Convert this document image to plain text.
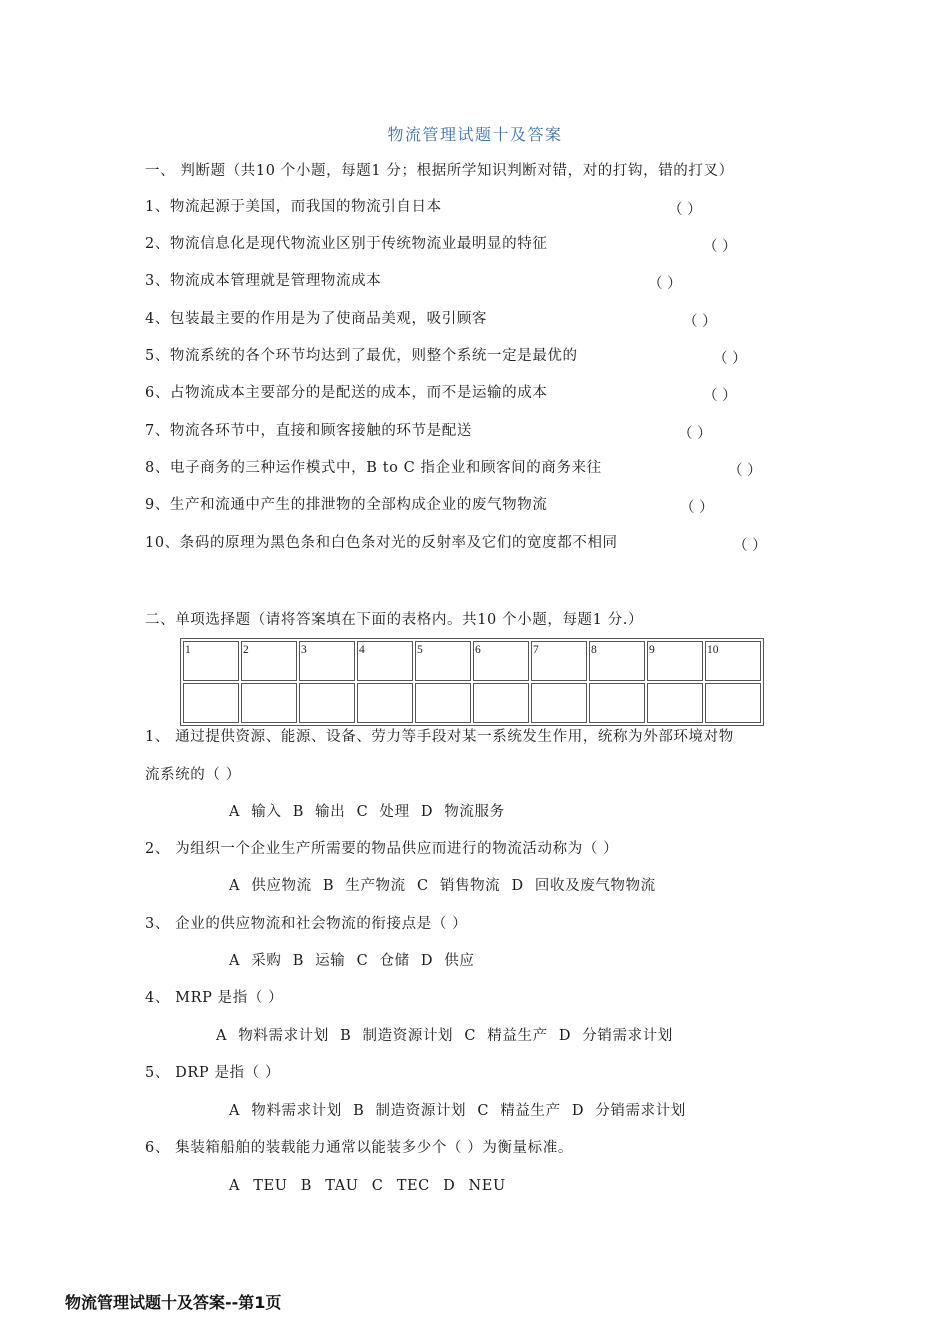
物流管理试题十及答案
一、 判断题（共10 个小题，每题1 分；根据所学知识判断对错，对的打钩，错的打叉）
1、物流起源于美国，而我国的物流引自日本	（ ）
2、物流信息化是现代物流业区别于传统物流业最明显的特征	（ ）
3、物流成本管理就是管理物流成本	（ ）
4、包装最主要的作用是为了使商品美观，吸引顾客	（ ）
5、物流系统的各个环节均达到了最优，则整个系统一定是最优的	（ ）
6、占物流成本主要部分的是配送的成本，而不是运输的成本	（ ）
7、物流各环节中，直接和顾客接触的环节是配送	（ ）
8、电子商务的三种运作模式中，B to C 指企业和顾客间的商务来往	（ ）
9、生产和流通中产生的排泄物的全部构成企业的废气物物流	（ ）
10、条码的原理为黑色条和白色条对光的反射率及它们的宽度都不相同	（ ）
二、单项选择题（请将答案填在下面的表格内。共10 个小题，每题1 分.）
1	2	3	4	5	6	7	8	9	10

1、 通过提供资源、能源、设备、劳力等手段对某一系统发生作用，统称为外部环境对物
流系统的（ ）
A 输入 B 输出 C 处理 D 物流服务
2、 为组织一个企业生产所需要的物品供应而进行的物流活动称为（ ）
A 供应物流 B 生产物流 C 销售物流 D 回收及废气物物流
3、 企业的供应物流和社会物流的衔接点是（ ）
A 采购 B 运输 C 仓储 D 供应
4、 MRP 是指（ ）
A 物料需求计划 B 制造资源计划 C 精益生产 D 分销需求计划
5、 DRP 是指（ ）
A 物料需求计划 B 制造资源计划 C 精益生产 D 分销需求计划
6、 集装箱船舶的装载能力通常以能装多少个（ ）为衡量标准。
A TEU B TAU C TEC D NEU
物流管理试题十及答案--第1页
